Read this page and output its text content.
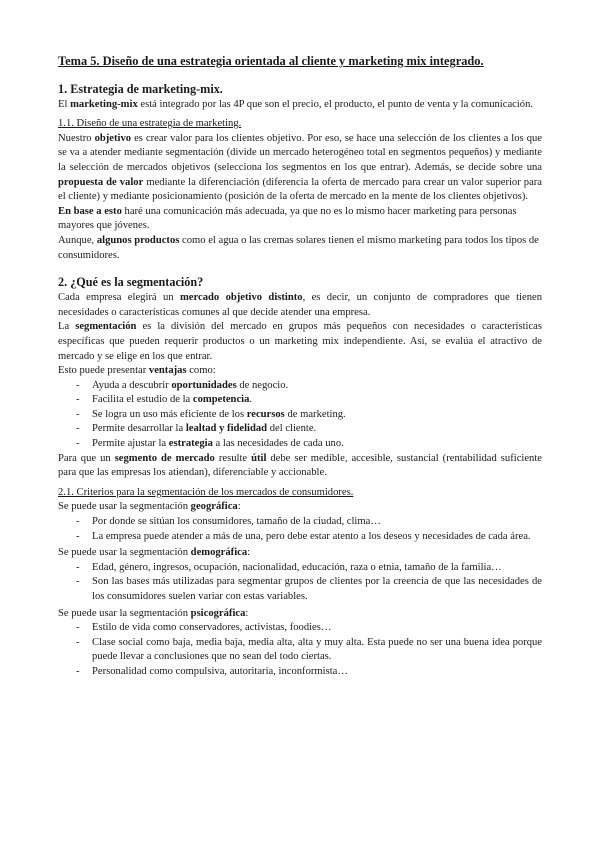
Tema 5. Diseño de una estrategia orientada al cliente y marketing mix integrado.
1. Estrategia de marketing-mix.

El marketing-mix está integrado por las 4P que son el precio, el producto, el punto de venta y la comunicación.

1.1. Diseño de una estrategia de marketing.

Nuestro objetivo es crear valor para los clientes objetivo. Por eso, se hace una selección de los clientes a los que se va a atender mediante segmentación (divide un mercado heterogéneo total en segmentos pequeños) y mediante la selección de mercados objetivos (selecciona los segmentos en los que entrar). Además, se decide sobre una propuesta de valor mediante la diferenciación (diferencia la oferta de mercado para crear un valor superior para el cliente) y mediante posicionamiento (posición de la oferta de mercado en la mente de los clientes objetivos).

En base a esto haré una comunicación más adecuada, ya que no es lo mismo hacer marketing para personas mayores que jóvenes.

Aunque, algunos productos como el agua o las cremas solares tienen el mismo marketing para todos los tipos de consumidores.

2. ¿Qué es la segmentación?

Cada empresa elegirá un mercado objetivo distinto, es decir, un conjunto de compradores que tienen necesidades o características comunes al que decide atender una empresa.

La segmentación es la división del mercado en grupos más pequeños con necesidades o características específicas que pueden requerir productos o un marketing mix independiente. Así, se evalúa el atractivo de mercado y se elige en los que entrar.

Esto puede presentar ventajas como:

- Ayuda a descubrir oportunidades de negocio.
- Facilita el estudio de la competencia.
- Se logra un uso más eficiente de los recursos de marketing.
- Permite desarrollar la lealtad y fidelidad del cliente.
- Permite ajustar la estrategia a las necesidades de cada uno.

Para que un segmento de mercado resulte útil debe ser medible, accesible, sustancial (rentabilidad suficiente para que las empresas los atiendan), diferenciable y accionable.

2.1. Criterios para la segmentación de los mercados de consumidores.

Se puede usar la segmentación geográfica:

- Por donde se sitúan los consumidores, tamaño de la ciudad, clima…
- La empresa puede atender a más de una, pero debe estar atento a los deseos y necesidades de cada área.

Se puede usar la segmentación demográfica:

- Edad, género, ingresos, ocupación, nacionalidad, educación, raza o etnia, tamaño de la familia…
- Son las bases más utilizadas para segmentar grupos de clientes por la creencia de que las necesidades de los consumidores suelen variar con estas variables.

Se puede usar la segmentación psicográfica:

- Estilo de vida como conservadores, activistas, foodies…
- Clase social como baja, media baja, media alta, alta y muy alta. Esta puede no ser una buena idea porque puede llevar a conclusiones que no sean del todo ciertas.
- Personalidad como compulsiva, autoritaria, inconformista…
